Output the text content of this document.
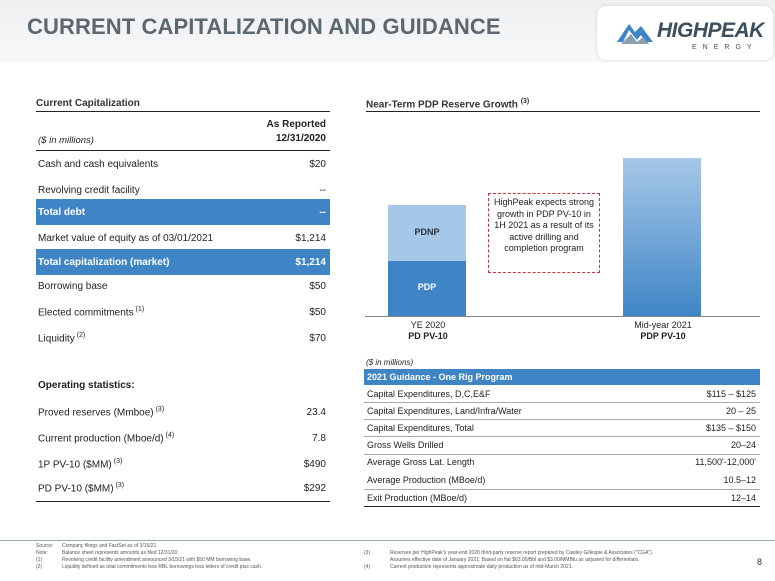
CURRENT CAPITALIZATION AND GUIDANCE	HIGHPEAK
ENERGY
Current Capitalization
As Reported
12/31/2020
($ in millions)
Cash and cash equivalents	$20
Revolving credit facility	--
Total debt	--
Market value of equity as of 03/01/2021	$1,214
Total capitalization (market)	$1,214
Borrowing base	$50
Elected commitments $^{(1)}$	$50
Liquidity $^{(2)}$	$70
Operating statistics:
Proved reserves (Mmboe) $^{(3)}$	23.4
Current production (Mboe/d) $^{(4)}$	7.8
1P PV-10 ($MM) $^{(3)}$	$490
PD PV-10 ($MM) $^{(3)}$	$292
Near-Term PDP Reserve Growth $^{(3)}$
PDP
PDNP
YE 2020
PD PV-10
Mid-year 2021
PDP PV-10
HighPeak expects strong growth in PDP PV-10 in 1H 2021 as a result of its active drilling and completion program
($ in millions)
2021 Guidance - One Rig Program
Capital Expenditures, D,C,E&F	$115 – $125
Capital Expenditures, Land/Infra/Water	20 – 25
Capital Expenditures, Total	$135 – $150
Gross Wells Drilled	20–24
Average Gross Lat. Length	11,500'-12,000'
Average Production (MBoe/d)	10.5–12
Exit Production (MBoe/d)	12–14
Source: Company filings and FactSet as of 3/15/21.
Note:	Balance sheet represents amounts as filed 12/31/20.
(1)	Revolving credit facility amendment announced 3/15/21 with $50 MM borrowing base.
(2)	Liquidity defined as total commitments less RBL borrowings less letters of credit plus cash.
(3)	Reserves per HighPeak's year-end 2020 third-party reserve report prepared by Cawley Gillespie & Associates ("CGA").
Assumes effective date of January 2021; Based on flat $63.00/Bbl and $3.00/MMBtu as adjusted for differentials.
(4)	Current production represents approximate daily production as of mid-March 2021.	8
